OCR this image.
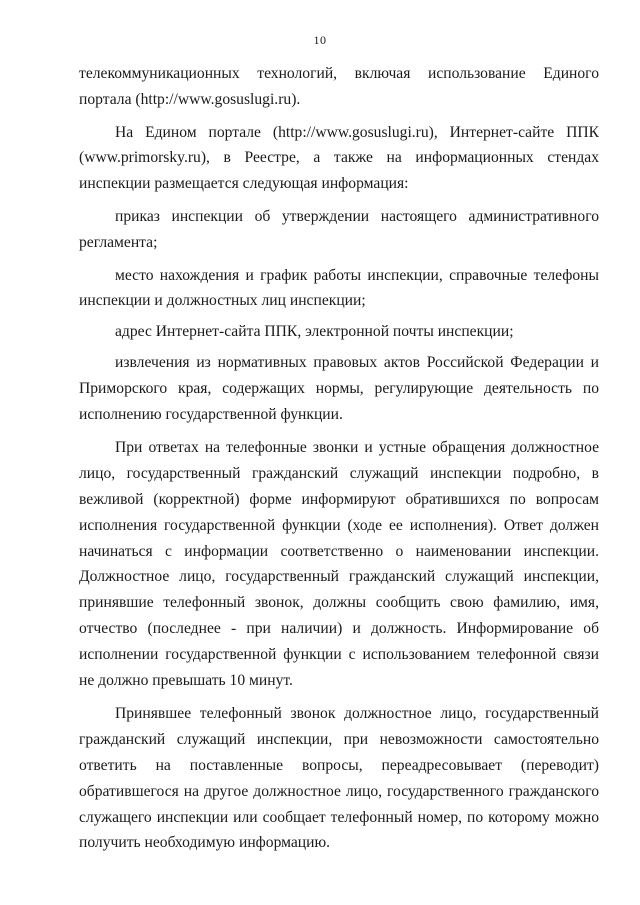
10

телекоммуникационных технологий, включая использование Единого портала (http://www.gosuslugi.ru).

На Едином портале (http://www.gosuslugi.ru), Интернет-сайте ППК (www.primorsky.ru), в Реестре, а также на информационных стендах инспекции размещается следующая информация:

приказ инспекции об утверждении настоящего административного регламента;

место нахождения и график работы инспекции, справочные телефоны инспекции и должностных лиц инспекции;

адрес Интернет-сайта ППК, электронной почты инспекции;

извлечения из нормативных правовых актов Российской Федерации и Приморского края, содержащих нормы, регулирующие деятельность по исполнению государственной функции.

При ответах на телефонные звонки и устные обращения должностное лицо, государственный гражданский служащий инспекции подробно, в вежливой (корректной) форме информируют обратившихся по вопросам исполнения государственной функции (ходе ее исполнения). Ответ должен начинаться с информации соответственно о наименовании инспекции. Должностное лицо, государственный гражданский служащий инспекции, принявшие телефонный звонок, должны сообщить свою фамилию, имя, отчество (последнее - при наличии) и должность. Информирование об исполнении государственной функции с использованием телефонной связи не должно превышать 10 минут.

Принявшее телефонный звонок должностное лицо, государственный гражданский служащий инспекции, при невозможности самостоятельно ответить на поставленные вопросы, переадресовывает (переводит) обратившегося на другое должностное лицо, государственного гражданского служащего инспекции или сообщает телефонный номер, по которому можно получить необходимую информацию.
